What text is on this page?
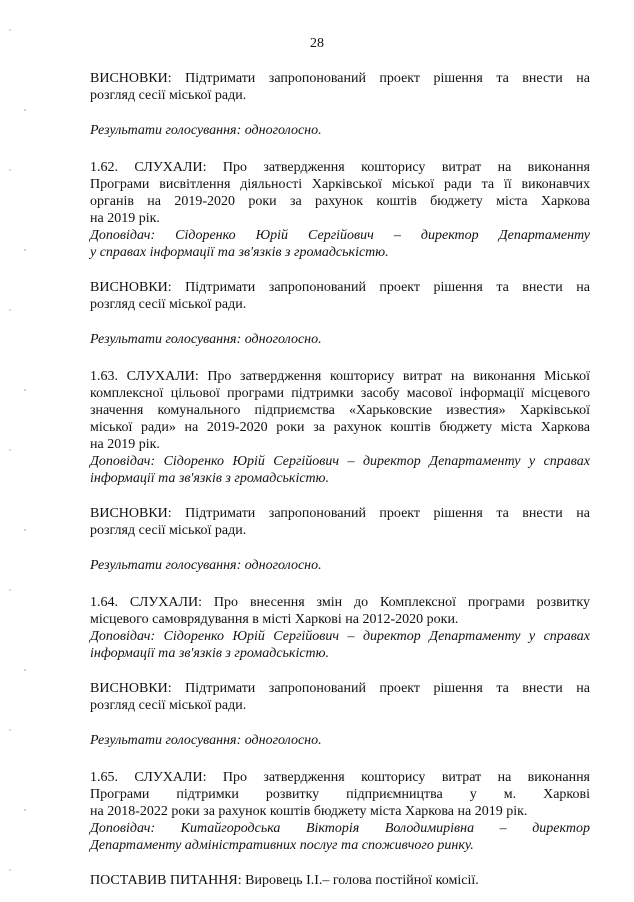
28
ВИСНОВКИ: Підтримати запропонований проект рішення та внести на
розгляд сесії міської ради.
Результати голосування: одноголосно.
1.62. СЛУХАЛИ: Про затвердження кошторису витрат на виконання
Програми висвітлення діяльності Харківської міської ради та її виконавчих
органів на 2019-2020 роки за рахунок коштів бюджету міста Харкова
на 2019 рік.
Доповідач: Сідоренко Юрій Сергійович – директор Департаменту
у справах інформації та зв'язків з громадськістю.
ВИСНОВКИ: Підтримати запропонований проект рішення та внести на
розгляд сесії міської ради.
Результати голосування: одноголосно.
1.63. СЛУХАЛИ: Про затвердження кошторису витрат на виконання Міської
комплексної цільової програми підтримки засобу масової інформації місцевого
значення комунального підприємства «Харьковские известия» Харківської
міської ради» на 2019-2020 роки за рахунок коштів бюджету міста Харкова
на 2019 рік.
Доповідач: Сідоренко Юрій Сергійович – директор Департаменту у справах
інформації та зв'язків з громадськістю.
ВИСНОВКИ: Підтримати запропонований проект рішення та внести на
розгляд сесії міської ради.
Результати голосування: одноголосно.
1.64. СЛУХАЛИ: Про внесення змін до Комплексної програми розвитку
місцевого самоврядування в місті Харкові на 2012-2020 роки.
Доповідач: Сідоренко Юрій Сергійович – директор Департаменту у справах
інформації та зв'язків з громадськістю.
ВИСНОВКИ: Підтримати запропонований проект рішення та внести на
розгляд сесії міської ради.
Результати голосування: одноголосно.
1.65. СЛУХАЛИ: Про затвердження кошторису витрат на виконання
Програми підтримки розвитку підприємництва у м. Харкові
на 2018-2022 роки за рахунок коштів бюджету міста Харкова на 2019 рік.
Доповідач: Китайгородська Вікторія Володимирівна – директор
Департаменту адміністративних послуг та споживчого ринку.
ПОСТАВИВ ПИТАННЯ: Вировець І.І.– голова постійної комісії.
